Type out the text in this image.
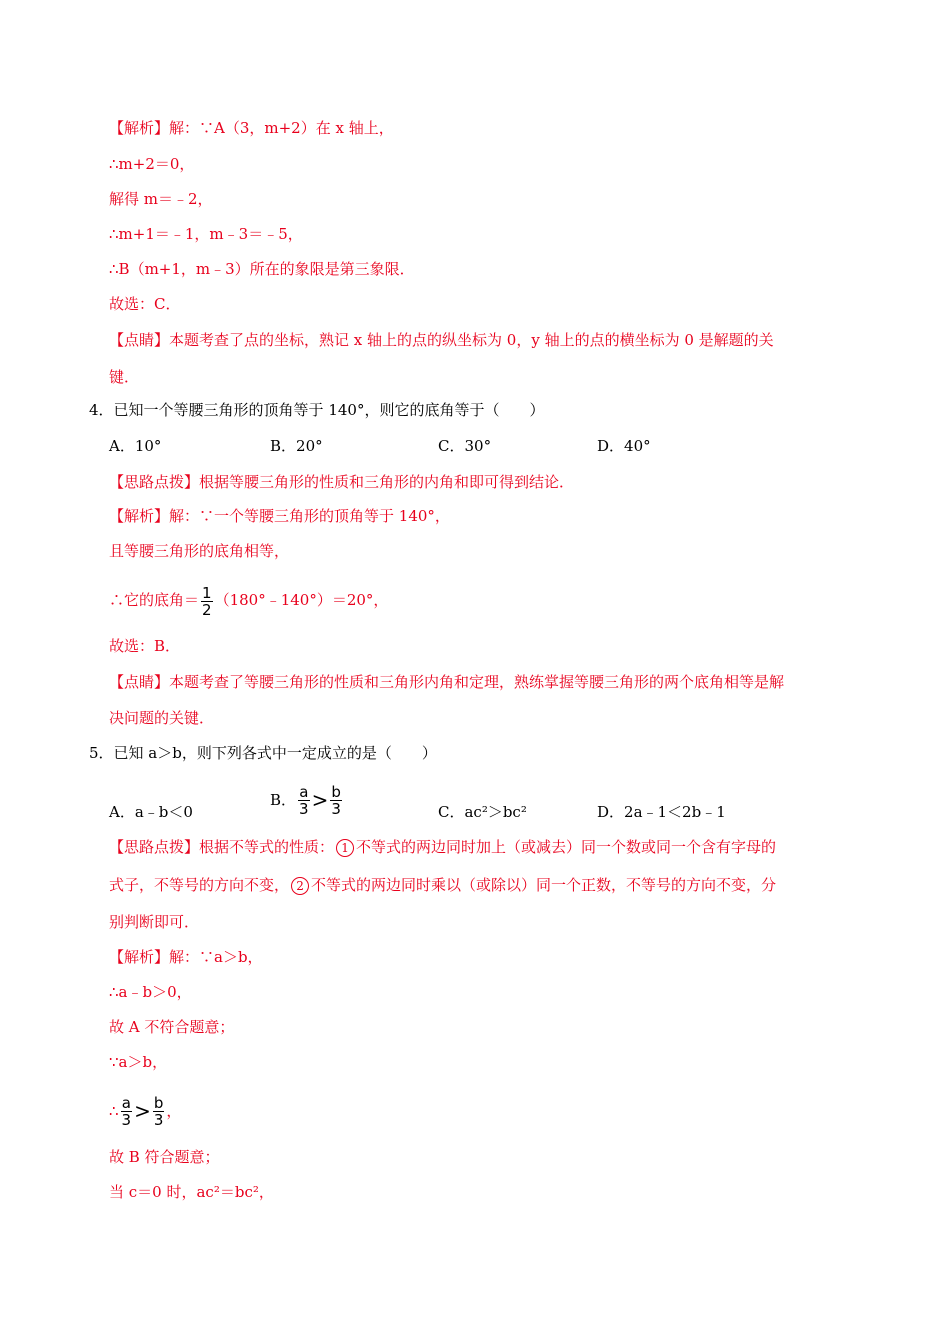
【解析】解：∵A（3，m+2）在 x 轴上，
∴m+2＝0，
解得 m＝﹣2，
∴m+1＝﹣1，m﹣3＝﹣5，
∴B（m+1，m﹣3）所在的象限是第三象限．
故选：C．
【点睛】本题考查了点的坐标，熟记 x 轴上的点的纵坐标为 0，y 轴上的点的横坐标为 0 是解题的关
键．
4．已知一个等腰三角形的顶角等于 140°，则它的底角等于（　　）
A．10°	B．20°	C．30°	D．40°
【思路点拨】根据等腰三角形的性质和三角形的内角和即可得到结论．
【解析】解：∵一个等腰三角形的顶角等于 140°，
且等腰三角形的底角相等，
∴它的底角＝ $\frac{1}{2}$ （180°﹣140°）＝20°，
故选：B．
【点睛】本题考查了等腰三角形的性质和三角形内角和定理，熟练掌握等腰三角形的两个底角相等是解
决问题的关键．
5．已知 a＞b，则下列各式中一定成立的是（　　）
A．a﹣b＜0
B． $\frac{a}{3} > \frac{b}{3}$	C．ac²＞bc²	D．2a﹣1＜2b﹣1
【思路点拨】根据不等式的性质： 1 不等式的两边同时加上（或减去）同一个数或同一个含有字母的
式子，不等号的方向不变， 2 不等式的两边同时乘以（或除以）同一个正数，不等号的方向不变，分
别判断即可．
【解析】解：∵a＞b，
∴a﹣b＞0，
故 A 不符合题意；
∵a＞b，
∴ $\frac{a}{3} > \frac{b}{3}$ ，
故 B 符合题意；
当 c＝0 时，ac²＝bc²，
